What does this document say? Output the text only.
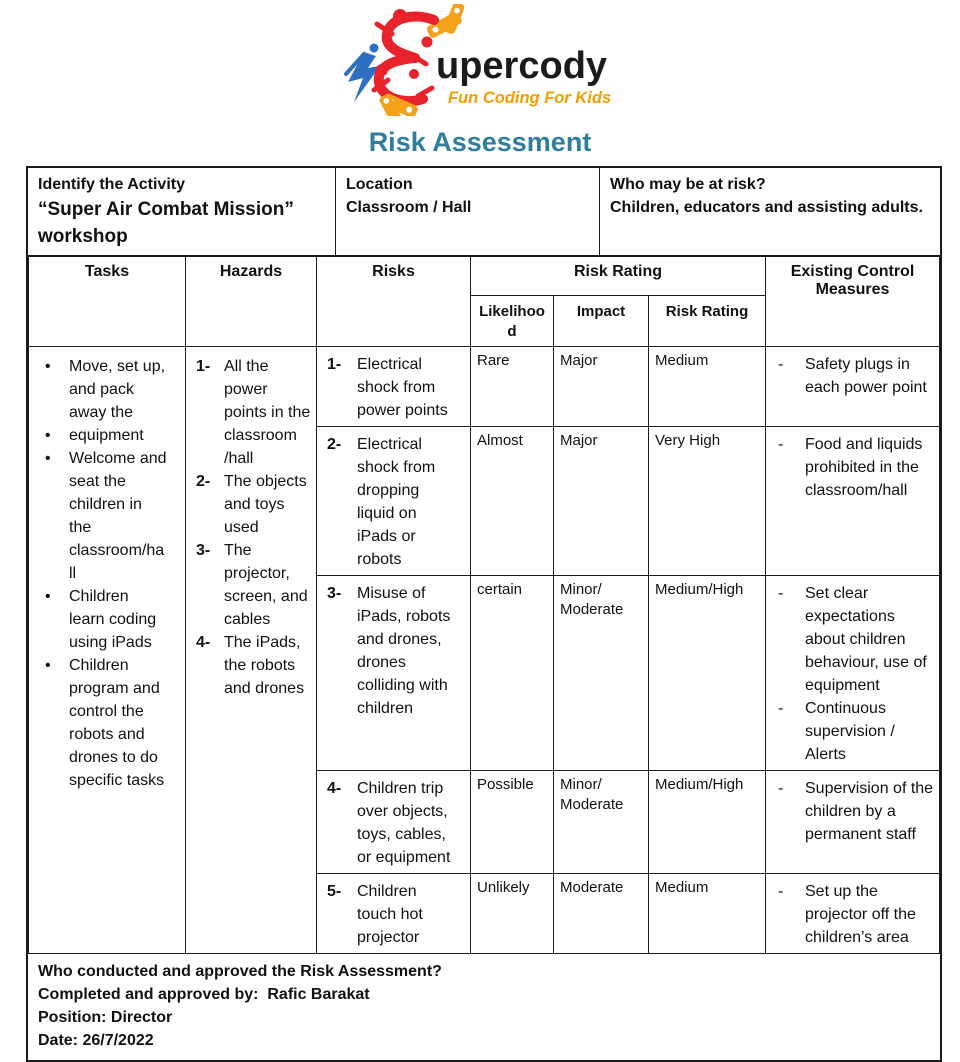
upercody
Fun Coding For Kids
Risk Assessment
Identify the Activity
“Super Air Combat Mission” workshop
Location
Classroom / Hall
Who may be at risk?
Children, educators and assisting adults.
Tasks	Hazards	Risks	Risk Rating			Existing Control Measures
			Likelihood	Impact	Risk Rating	

• Move, set up, and pack away the
• equipment
• Welcome and seat the children in the classroom/hall
• Children learn coding using iPads
• Children program and control the robots and drones to do specific tasks

1- All the power points in the classroom /hall
2- The objects and toys used
3- The projector, screen, and cables
4- The iPads, the robots and drones

1- Electrical shock from power points
	Rare	Major	Medium	
-Safety plugs in each power point

		2- Electrical shock from dropping liquid on iPads or robots	Almost	Major	Very High	- Food and liquids prohibited in the classroom/hall

3- Misuse of iPads, robots and drones, drones colliding with children
	certain	Minor/ Moderate	Medium/High	
-Set clear expectations about children behaviour, use of equipment
- Continuous supervision / Alerts

		4- Children trip over objects, toys, cables, or equipment	Possible	Minor/ Moderate	Medium/High	- Supervision of the children by a permanent staff

		5- Children touch hot projector	Unlikely	Moderate	Medium	- Set up the projector off the children’s area

Who conducted and approved the Risk Assessment?

Completed and approved by:  Rafic Barakat

Position: Director

Date: 26/7/2022
